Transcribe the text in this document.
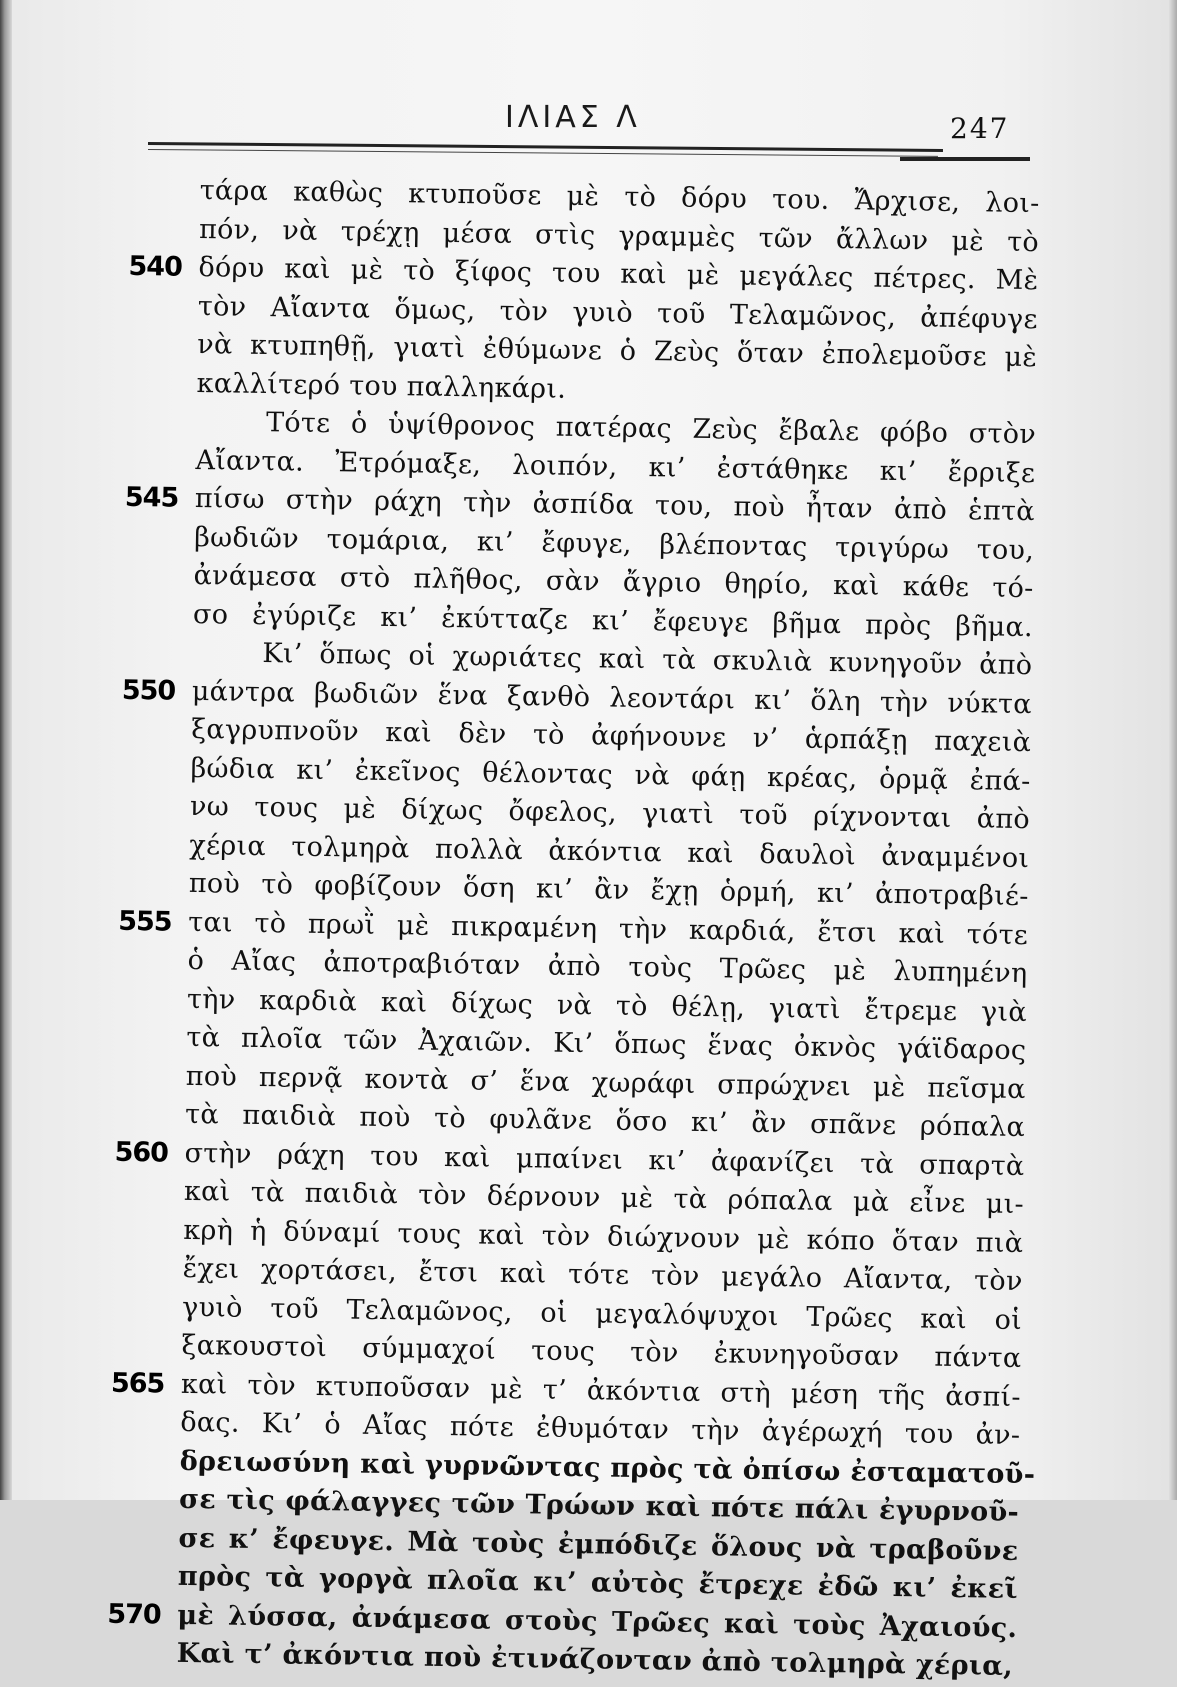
ΙΛΙΑΣ Λ	247
τάρα καθὼς κτυποῦσε μὲ τὸ δόρυ του. Ἄρχισε, λοι-
πόν, νὰ τρέχῃ μέσα στὶς γραμμὲς τῶν ἄλλων μὲ τὸ
δόρυ καὶ μὲ τὸ ξίφος του καὶ μὲ μεγάλες πέτρες. Μὲ
540
τὸν Αἴαντα ὅμως, τὸν γυιὸ τοῦ Τελαμῶνος, ἀπέφυγε
νὰ κτυπηθῇ, γιατὶ ἐθύμωνε ὁ Ζεὺς ὅταν ἐπολεμοῦσε μὲ
καλλίτερό του παλληκάρι.
Τότε ὁ ὑψίθρονος πατέρας Ζεὺς ἔβαλε φόβο στὸν
Αἴαντα. Ἐτρόμαξε, λοιπόν, κι’ ἐστάθηκε κι’ ἔρριξε
πίσω στὴν ράχη τὴν ἀσπίδα του, ποὺ ἦταν ἀπὸ ἑπτὰ
545
βωδιῶν τομάρια, κι’ ἔφυγε, βλέποντας τριγύρω του,
ἀνάμεσα στὸ πλῆθος, σὰν ἄγριο θηρίο, καὶ κάθε τό-
σο ἐγύριζε κι’ ἐκύτταζε κι’ ἔφευγε βῆμα πρὸς βῆμα.
Κι’ ὅπως οἱ χωριάτες καὶ τὰ σκυλιὰ κυνηγοῦν ἀπὸ
μάντρα βωδιῶν ἕνα ξανθὸ λεοντάρι κι’ ὅλη τὴν νύκτα
550
ξαγρυπνοῦν καὶ δὲν τὸ ἀφήνουνε ν’ ἁρπάξῃ παχειὰ
βώδια κι’ ἐκεῖνος θέλοντας νὰ φάῃ κρέας, ὁρμᾷ ἐπά-
νω τους μὲ δίχως ὄφελος, γιατὶ τοῦ ρίχνονται ἀπὸ
χέρια τολμηρὰ πολλὰ ἀκόντια καὶ δαυλοὶ ἀναμμένοι
ποὺ τὸ φοβίζουν ὅση κι’ ἂν ἔχῃ ὁρμή, κι’ ἀποτραβιέ-
ται τὸ πρωῒ μὲ πικραμένη τὴν καρδιά, ἔτσι καὶ τότε
555
ὁ Αἴας ἀποτραβιόταν ἀπὸ τοὺς Τρῶες μὲ λυπημένη
τὴν καρδιὰ καὶ δίχως νὰ τὸ θέλῃ, γιατὶ ἔτρεμε γιὰ
τὰ πλοῖα τῶν Ἀχαιῶν. Κι’ ὅπως ἕνας ὀκνὸς γάϊδαρος
ποὺ περνᾷ κοντὰ σ’ ἕνα χωράφι σπρώχνει μὲ πεῖσμα
τὰ παιδιὰ ποὺ τὸ φυλᾶνε ὅσο κι’ ἂν σπᾶνε ρόπαλα
στὴν ράχη του καὶ μπαίνει κι’ ἀφανίζει τὰ σπαρτὰ
560
καὶ τὰ παιδιὰ τὸν δέρνουν μὲ τὰ ρόπαλα μὰ εἶνε μι-
κρὴ ἡ δύναμί τους καὶ τὸν διώχνουν μὲ κόπο ὅταν πιὰ
ἔχει χορτάσει, ἔτσι καὶ τότε τὸν μεγάλο Αἴαντα, τὸν
γυιὸ τοῦ Τελαμῶνος, οἱ μεγαλόψυχοι Τρῶες καὶ οἱ
ξακουστοὶ σύμμαχοί τους τὸν ἐκυνηγοῦσαν πάντα
καὶ τὸν κτυποῦσαν μὲ τ’ ἀκόντια στὴ μέση τῆς ἀσπί-
565
δας. Κι’ ὁ Αἴας πότε ἐθυμόταν τὴν ἀγέρωχή του ἀν-
δρειωσύνη καὶ γυρνῶντας πρὸς τὰ ὀπίσω ἐσταματοῦ-
σε τὶς φάλαγγες τῶν Τρώων καὶ πότε πάλι ἐγυρνοῦ-
σε κ’ ἔφευγε. Μὰ τοὺς ἐμπόδιζε ὅλους νὰ τραβοῦνε
πρὸς τὰ γοργὰ πλοῖα κι’ αὐτὸς ἔτρεχε ἐδῶ κι’ ἐκεῖ
μὲ λύσσα, ἀνάμεσα στοὺς Τρῶες καὶ τοὺς Ἀχαιούς.
570
Καὶ τ’ ἀκόντια ποὺ ἐτινάζονταν ἀπὸ τολμηρὰ χέρια,
